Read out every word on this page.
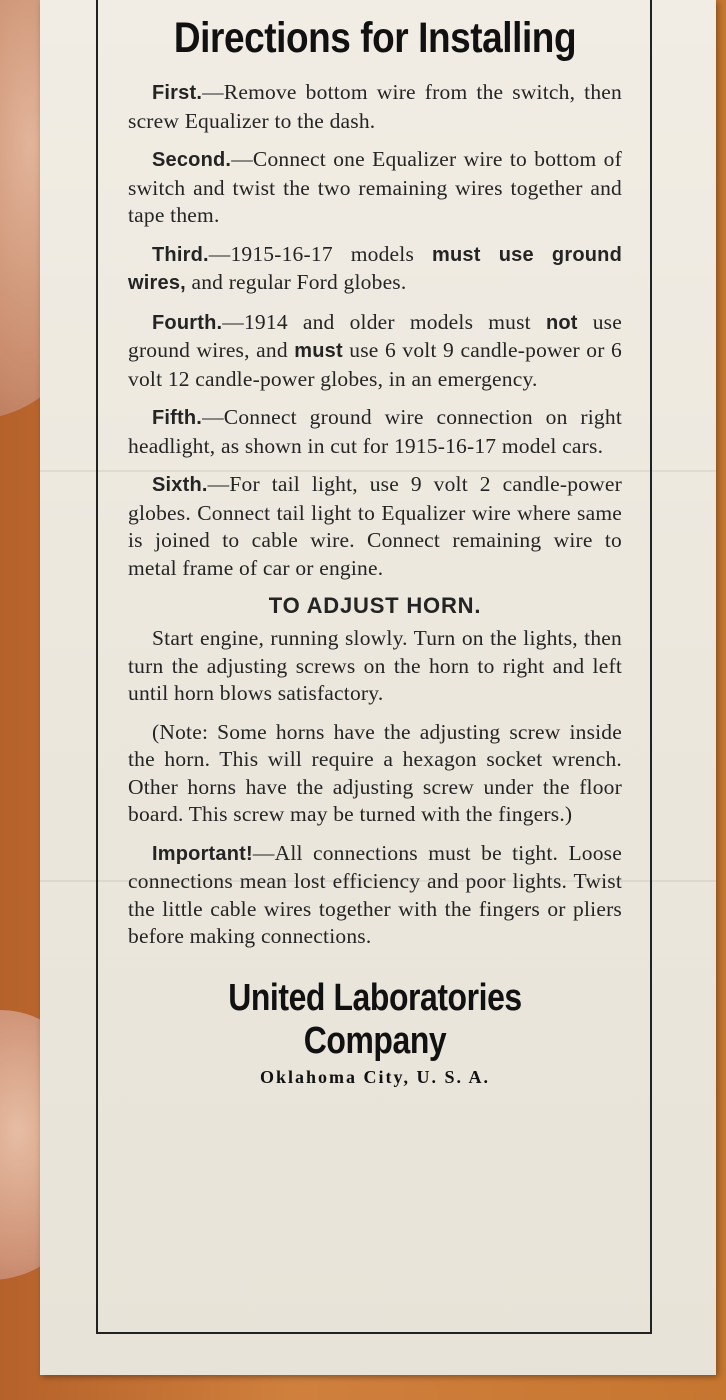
Directions for Installing

First.—Remove bottom wire from the switch, then screw Equalizer to the dash.

Second.—Connect one Equalizer wire to bottom of switch and twist the two remaining wires together and tape them.

Third.—1915-16-17 models must use ground wires, and regular Ford globes.

Fourth.—1914 and older models must not use ground wires, and must use 6 volt 9 candle-power or 6 volt 12 candle-power globes, in an emergency.

Fifth.—Connect ground wire connection on right headlight, as shown in cut for 1915-16-17 model cars.

Sixth.—For tail light, use 9 volt 2 candle-power globes. Connect tail light to Equalizer wire where same is joined to cable wire. Connect remaining wire to metal frame of car or engine.

TO ADJUST HORN.

Start engine, running slowly. Turn on the lights, then turn the adjusting screws on the horn to right and left until horn blows satisfactory.

(Note: Some horns have the adjusting screw inside the horn. This will require a hexagon socket wrench. Other horns have the adjusting screw under the floor board. This screw may be turned with the fingers.)

Important!—All connections must be tight. Loose connections mean lost efficiency and poor lights. Twist the little cable wires together with the fingers or pliers before making connections.

United Laboratories Company
Oklahoma City, U. S. A.
